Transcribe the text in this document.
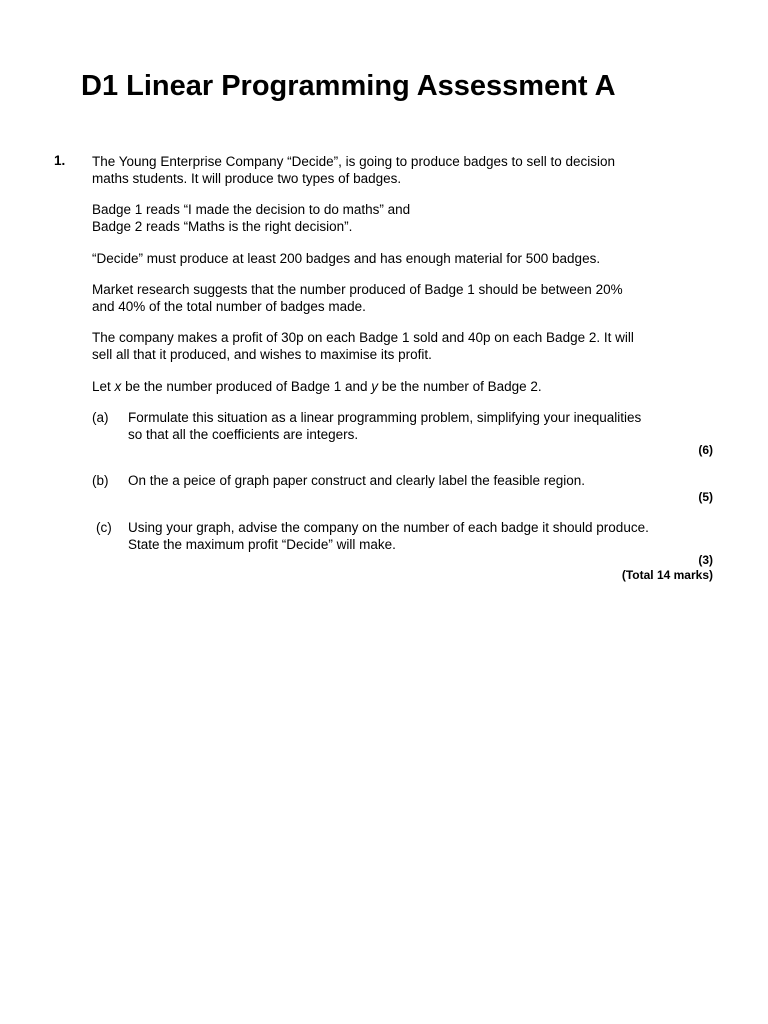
D1 Linear Programming Assessment A
1. The Young Enterprise Company “Decide”, is going to produce badges to sell to decision
maths students. It will produce two types of badges.
Badge 1 reads “I made the decision to do maths” and
Badge 2 reads “Maths is the right decision”.
“Decide” must produce at least 200 badges and has enough material for 500 badges.
Market research suggests that the number produced of Badge 1 should be between 20%
and 40% of the total number of badges made.
The company makes a profit of 30p on each Badge 1 sold and 40p on each Badge 2. It will
sell all that it produced, and wishes to maximise its profit.
Let x be the number produced of Badge 1 and y be the number of Badge 2.
(a) Formulate this situation as a linear programming problem, simplifying your inequalities
so that all the coefficients are integers.
(6)
(b) On the a peice of graph paper construct and clearly label the feasible region.
(5)
(c) Using your graph, advise the company on the number of each badge it should produce.
State the maximum profit “Decide” will make.
(3)
(Total 14 marks)
